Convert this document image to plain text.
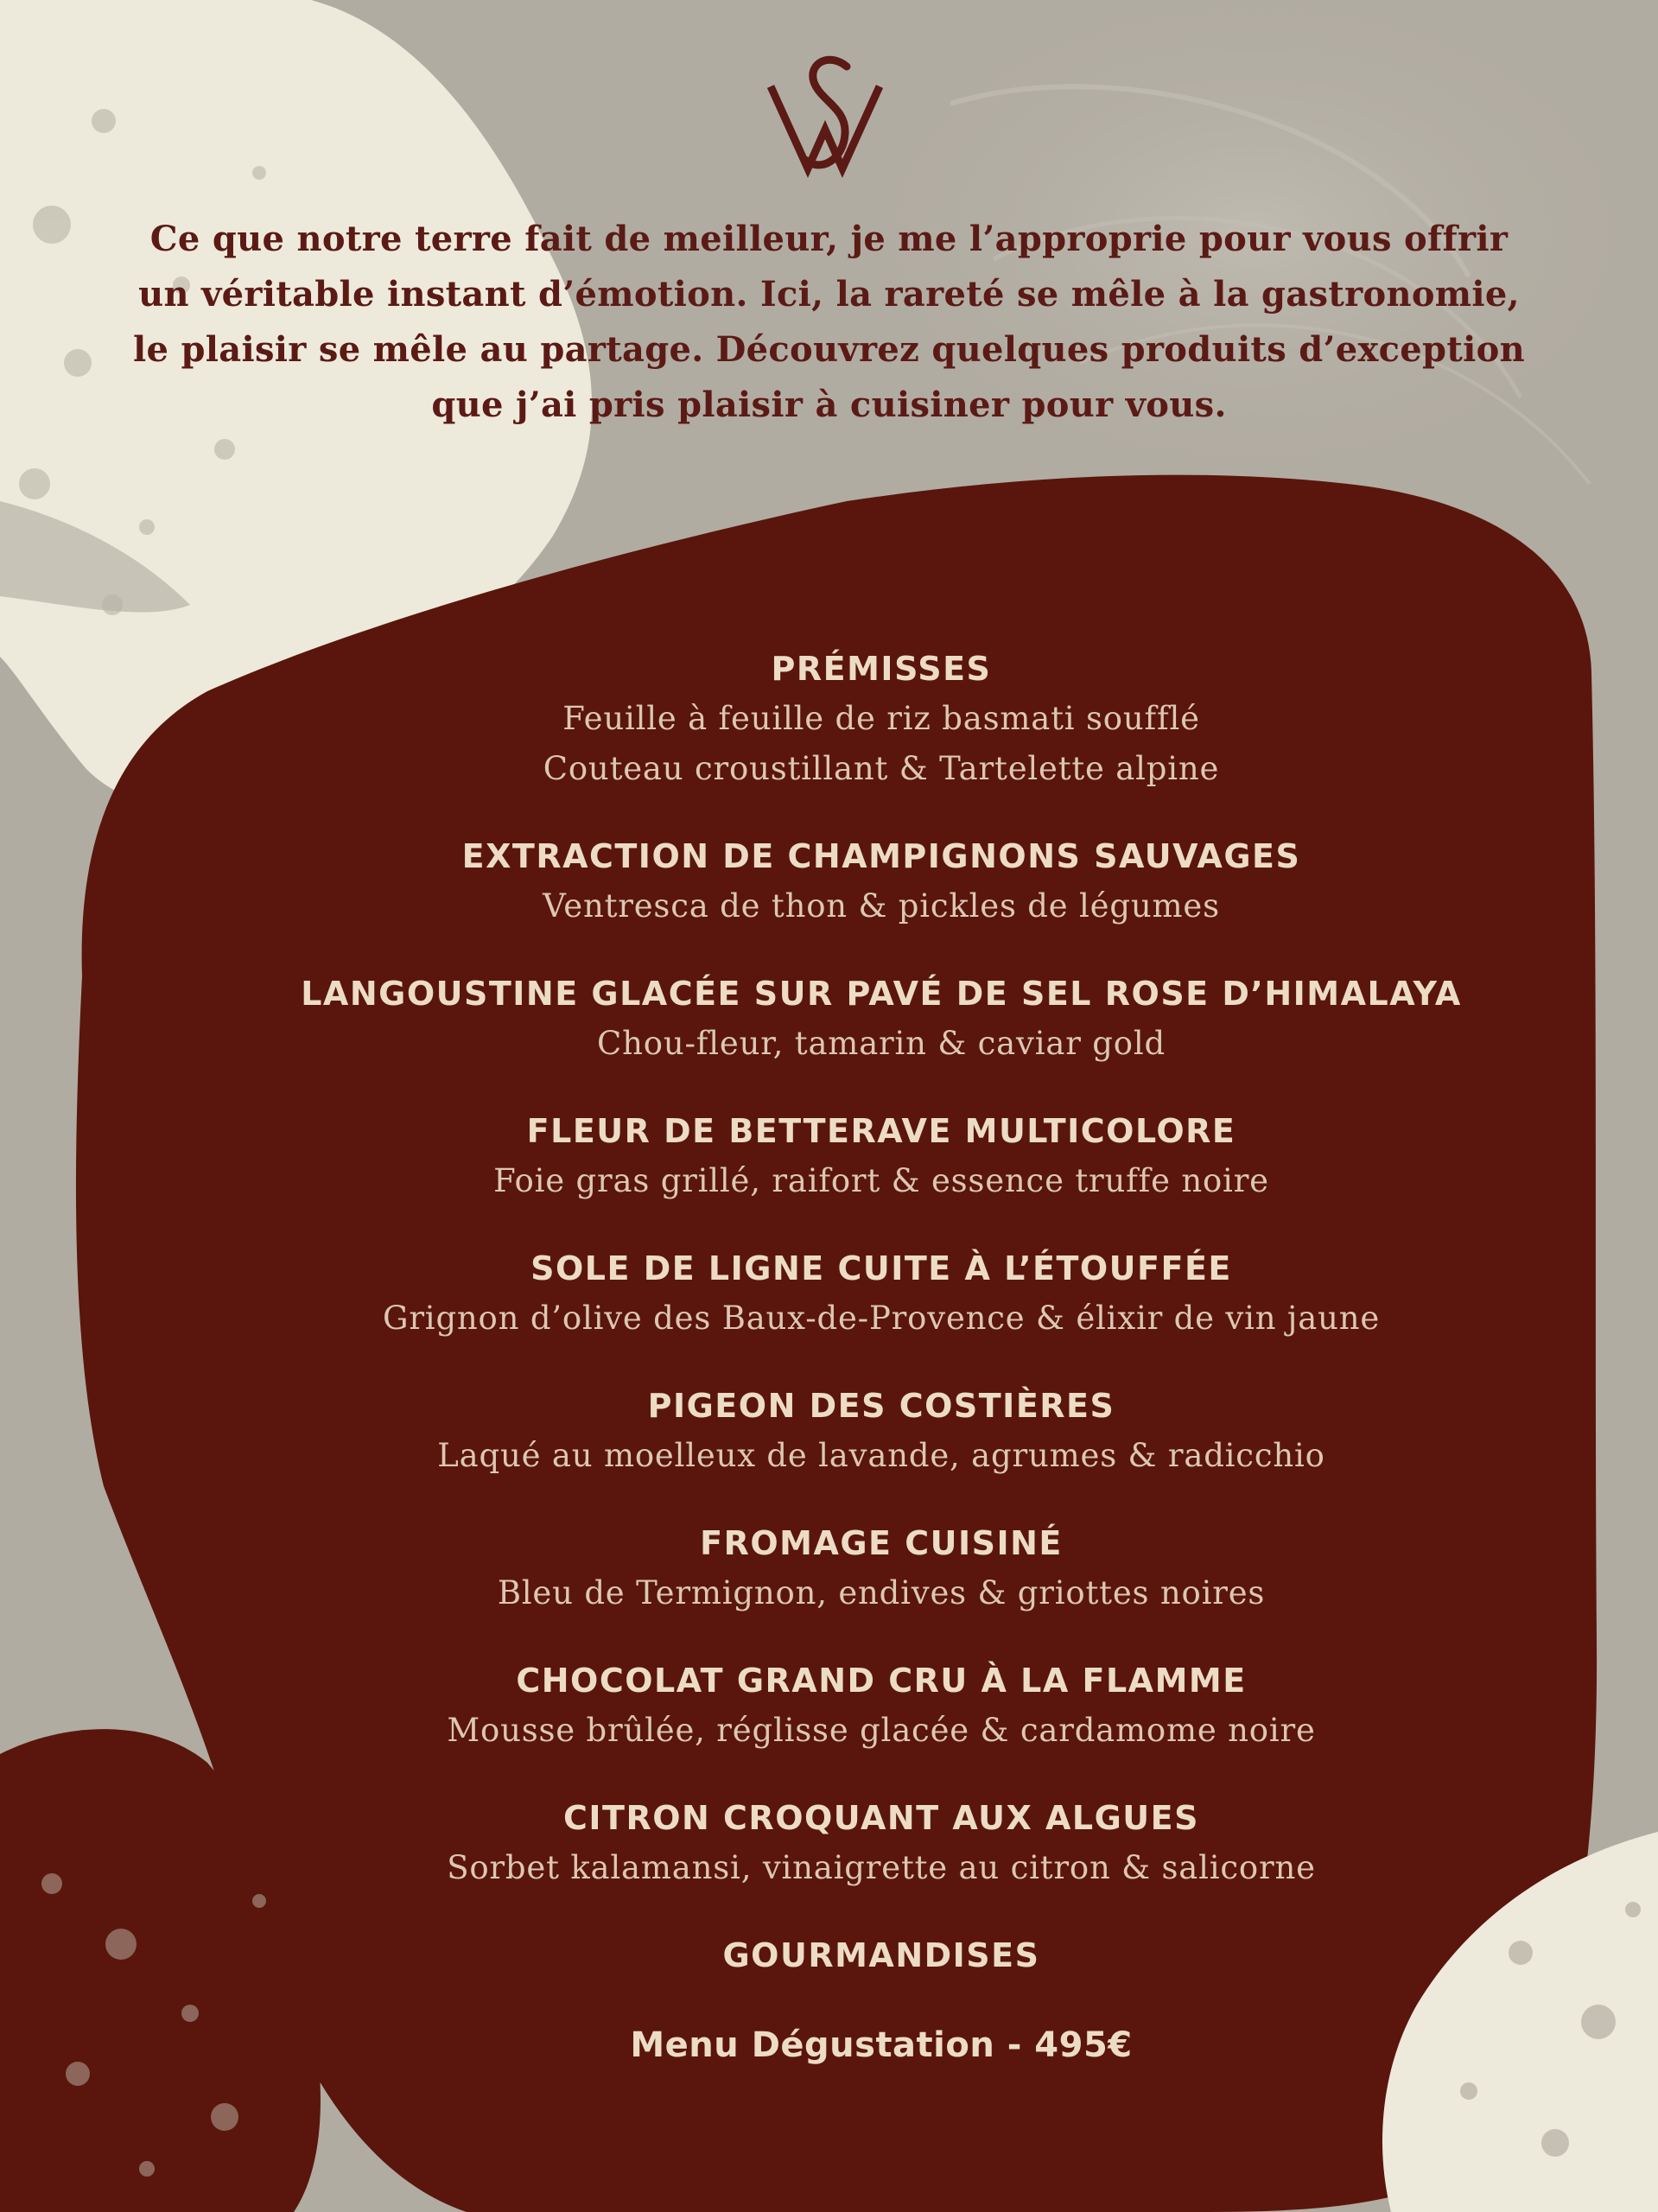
Ce que notre terre fait de meilleur, je me l’approprie pour vous offrir un véritable instant d’émotion. Ici, la rareté se mêle à la gastronomie, le plaisir se mêle au partage. Découvrez quelques produits d’exception que j’ai pris plaisir à cuisiner pour vous.

PRÉMISSES
Feuille à feuille de riz basmati soufflé
Couteau croustillant & Tartelette alpine
EXTRACTION DE CHAMPIGNONS SAUVAGES
Ventresca de thon & pickles de légumes
LANGOUSTINE GLACÉE SUR PAVÉ DE SEL ROSE D’HIMALAYA
Chou-fleur, tamarin & caviar gold
FLEUR DE BETTERAVE MULTICOLORE
Foie gras grillé, raifort & essence truffe noire
SOLE DE LIGNE CUITE À L’ÉTOUFFÉE
Grignon d’olive des Baux-de-Provence & élixir de vin jaune
PIGEON DES COSTIÈRES
Laqué au moelleux de lavande, agrumes & radicchio
FROMAGE CUISINÉ
Bleu de Termignon, endives & griottes noires
CHOCOLAT GRAND CRU À LA FLAMME
Mousse brûlée, réglisse glacée & cardamome noire
CITRON CROQUANT AUX ALGUES
Sorbet kalamansi, vinaigrette au citron & salicorne
GOURMANDISES
Menu Dégustation - 495€
